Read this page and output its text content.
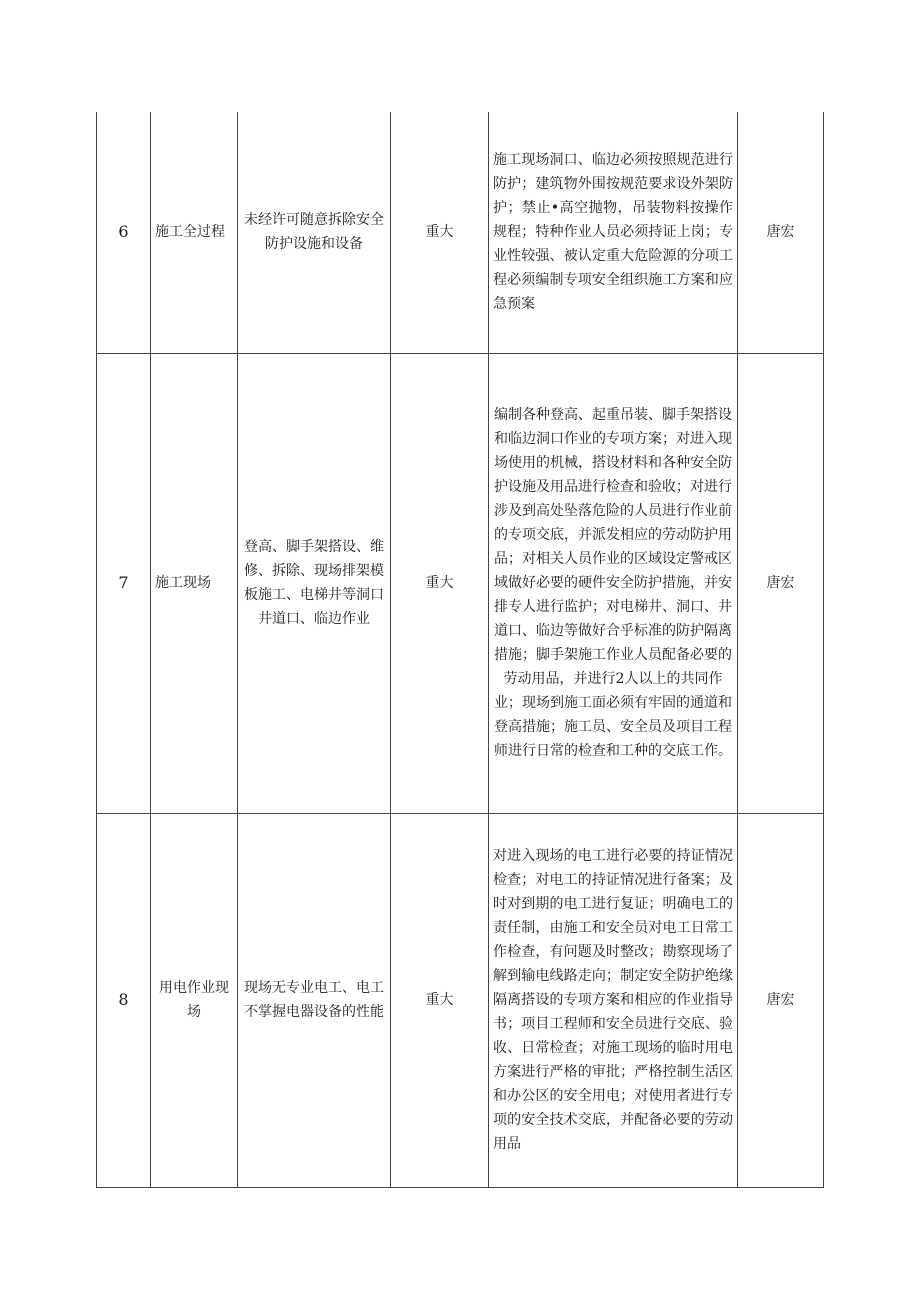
6	施工全过程	未经许可随意拆除安全防护设施和设备	重大	施工现场洞口、临边必须按照规范进行防护；建筑物外围按规范要求设外架防护；禁止•高空抛物，吊装物料按操作规程；特种作业人员必须持证上岗；专业性较强、被认定重大危险源的分项工程必须编制专项安全组织施工方案和应急预案	唐宏
7	施工现场	登高、脚手架搭设、维修、拆除、现场排架模板施工、电梯井等洞口井道口、临边作业	重大	编制各种登高、起重吊装、脚手架搭设和临边洞口作业的专项方案；对进入现场使用的机械，搭设材料和各种安全防护设施及用品进行检查和验收；对进行涉及到高处坠落危险的人员进行作业前的专项交底，并派发相应的劳动防护用品；对相关人员作业的区域设定警戒区域做好必要的硬件安全防护措施，并安排专人进行监护；对电梯井、洞口、井道口、临边等做好合乎标准的防护隔离措施；脚手架施工作业人员配备必要的劳动用品，并进行2人以上的共同作业；现场到施工面必须有牢固的通道和登高措施；施工员、安全员及项目工程师进行日常的检查和工种的交底工作。	唐宏
8	用电作业现场	现场无专业电工、电工不掌握电器设备的性能	重大	对进入现场的电工进行必要的持证情况检查；对电工的持证情况进行备案；及时对到期的电工进行复证；明确电工的责任制，由施工和安全员对电工日常工作检查，有问题及时整改；勘察现场了解到输电线路走向；制定安全防护绝缘隔离搭设的专项方案和相应的作业指导书；项目工程师和安全员进行交底、验收、日常检查；对施工现场的临时用电方案进行严格的审批；严格控制生活区和办公区的安全用电；对使用者进行专项的安全技术交底，并配备必要的劳动用品	唐宏
